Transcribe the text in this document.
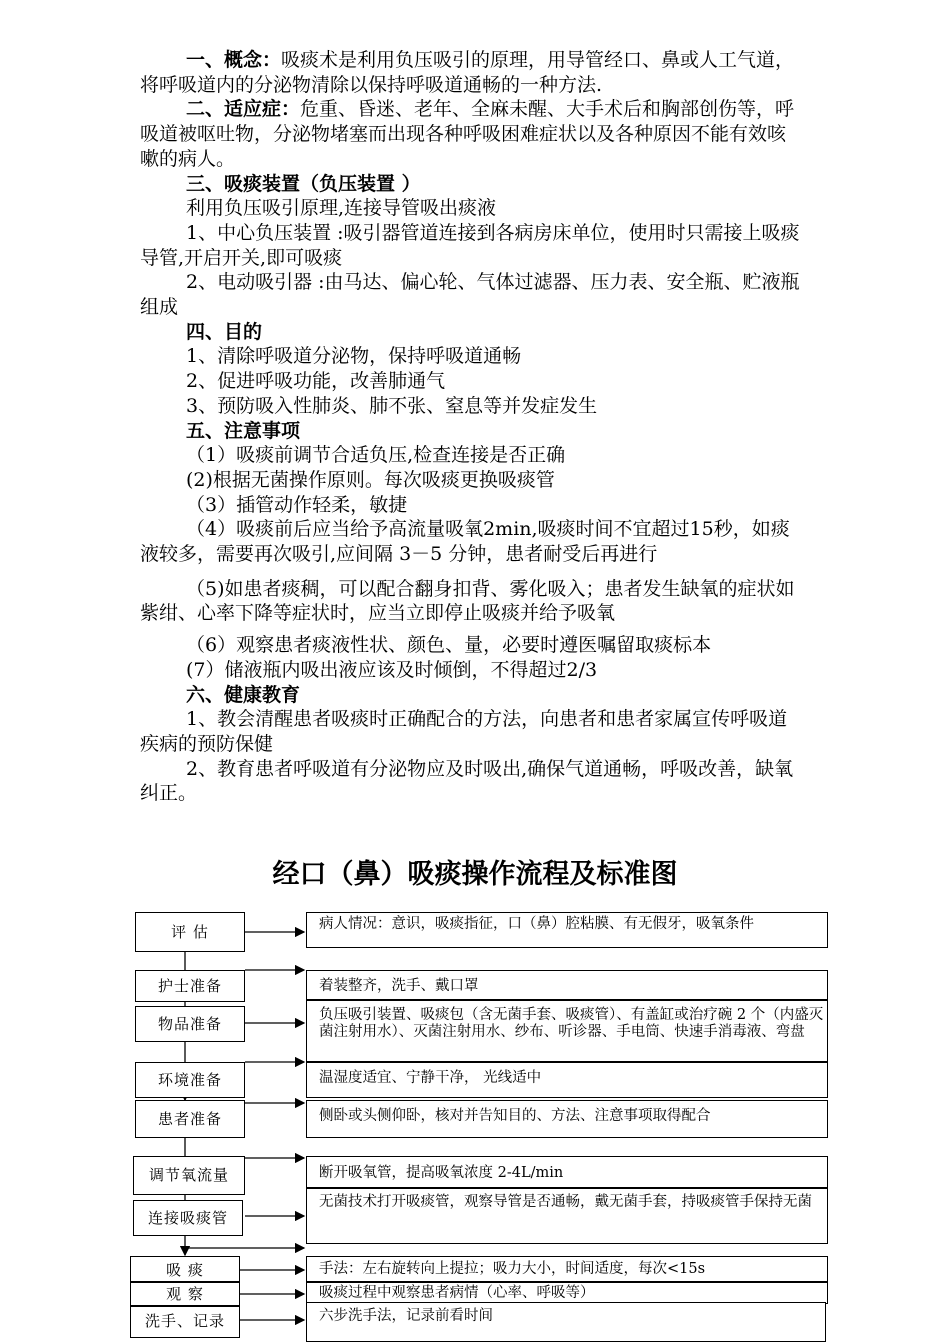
一、概念：吸痰术是利用负压吸引的原理，用导管经口、鼻或人工气道，将呼吸道内的分泌物清除以保持呼吸道通畅的一种方法.

二、适应症：危重、昏迷、老年、全麻未醒、大手术后和胸部创伤等，呼吸道被呕吐物，分泌物堵塞而出现各种呼吸困难症状以及各种原因不能有效咳嗽的病人。

三、吸痰装置（负压装置 ）

利用负压吸引原理,连接导管吸出痰液

1、中心负压装置 :吸引器管道连接到各病房床单位，使用时只需接上吸痰导管,开启开关,即可吸痰

2、电动吸引器 :由马达、偏心轮、气体过滤器、压力表、安全瓶、贮液瓶组成

四、目的

1、清除呼吸道分泌物，保持呼吸道通畅

2、促进呼吸功能，改善肺通气

3、预防吸入性肺炎、肺不张、窒息等并发症发生

五、注意事项

（1）吸痰前调节合适负压,检查连接是否正确

(2)根据无菌操作原则。每次吸痰更换吸痰管

（3）插管动作轻柔，敏捷

（4）吸痰前后应当给予高流量吸氧2min,吸痰时间不宜超过15秒，如痰液较多，需要再次吸引,应间隔 3－5 分钟，患者耐受后再进行

（5)如患者痰稠，可以配合翻身扣背、雾化吸入；患者发生缺氧的症状如紫绀、心率下降等症状时，应当立即停止吸痰并给予吸氧

（6）观察患者痰液性状、颜色、量，必要时遵医嘱留取痰标本

(7）储液瓶内吸出液应该及时倾倒，不得超过2/3

六、健康教育

1、教会清醒患者吸痰时正确配合的方法，向患者和患者家属宣传呼吸道疾病的预防保健

2、教育患者呼吸道有分泌物应及时吸出,确保气道通畅，呼吸改善，缺氧纠正。

经口（鼻）吸痰操作流程及标准图
评 估
护士准备
物品准备
环境准备
患者准备
调节氧流量
连接吸痰管
吸 痰
观 察
洗手、记录
病人情况：意识，吸痰指征，口（鼻）腔粘膜、有无假牙，吸氧条件
着装整齐，洗手、戴口罩
负压吸引装置、吸痰包（含无菌手套、吸痰管）、有盖缸或治疗碗 2 个（内盛灭菌注射用水）、灭菌注射用水、纱布、听诊器、手电筒、快速手消毒液、弯盘
温湿度适宜、宁静干净， 光线适中
侧卧或头侧仰卧，核对并告知目的、方法、注意事项取得配合
断开吸氧管，提高吸氧浓度 2-4L/min
无菌技术打开吸痰管，观察导管是否通畅，戴无菌手套，持吸痰管手保持无菌
手法：左右旋转向上提拉；吸力大小，时间适度，每次<15s
吸痰过程中观察患者病情（心率、呼吸等）
六步洗手法，记录前看时间
